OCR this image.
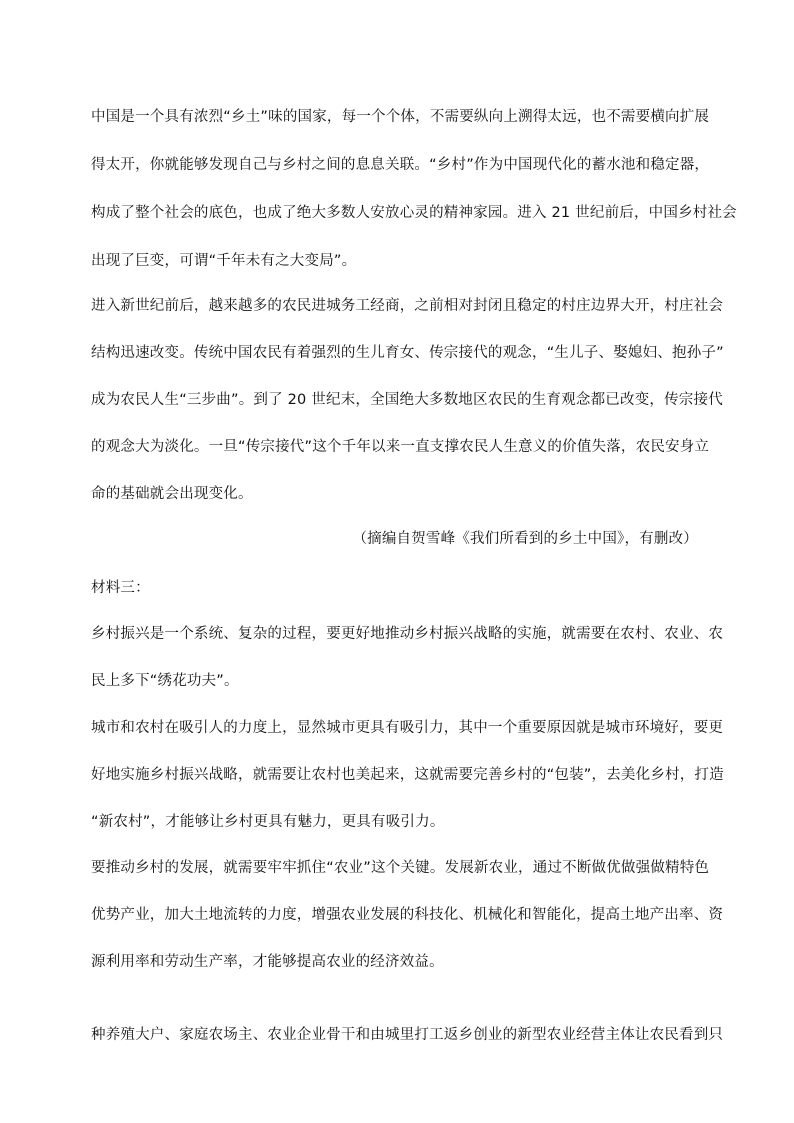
中国是一个具有浓烈“乡土”味的国家，每一个个体，不需要纵向上溯得太远，也不需要横向扩展
得太开，你就能够发现自己与乡村之间的息息关联。“乡村”作为中国现代化的蓄水池和稳定器，
构成了整个社会的底色，也成了绝大多数人安放心灵的精神家园。进入 21 世纪前后，中国乡村社会
出现了巨变，可谓“千年未有之大变局”。
进入新世纪前后，越来越多的农民进城务工经商，之前相对封闭且稳定的村庄边界大开，村庄社会
结构迅速改变。传统中国农民有着强烈的生儿育女、传宗接代的观念，“生儿子、娶媳妇、抱孙子”
成为农民人生“三步曲”。到了 20 世纪末，全国绝大多数地区农民的生育观念都已改变，传宗接代
的观念大为淡化。一旦“传宗接代”这个千年以来一直支撑农民人生意义的价值失落，农民安身立
命的基础就会出现变化。
（摘编自贺雪峰《我们所看到的乡土中国》，有删改）
材料三：
乡村振兴是一个系统、复杂的过程，要更好地推动乡村振兴战略的实施，就需要在农村、农业、农
民上多下“绣花功夫”。
城市和农村在吸引人的力度上，显然城市更具有吸引力，其中一个重要原因就是城市环境好，要更
好地实施乡村振兴战略，就需要让农村也美起来，这就需要完善乡村的“包装”，去美化乡村，打造
“新农村”，才能够让乡村更具有魅力，更具有吸引力。
要推动乡村的发展，就需要牢牢抓住“农业”这个关键。发展新农业，通过不断做优做强做精特色
优势产业，加大土地流转的力度，增强农业发展的科技化、机械化和智能化，提高土地产出率、资
源利用率和劳动生产率，才能够提高农业的经济效益。
种养殖大户、家庭农场主、农业企业骨干和由城里打工返乡创业的新型农业经营主体让农民看到只
